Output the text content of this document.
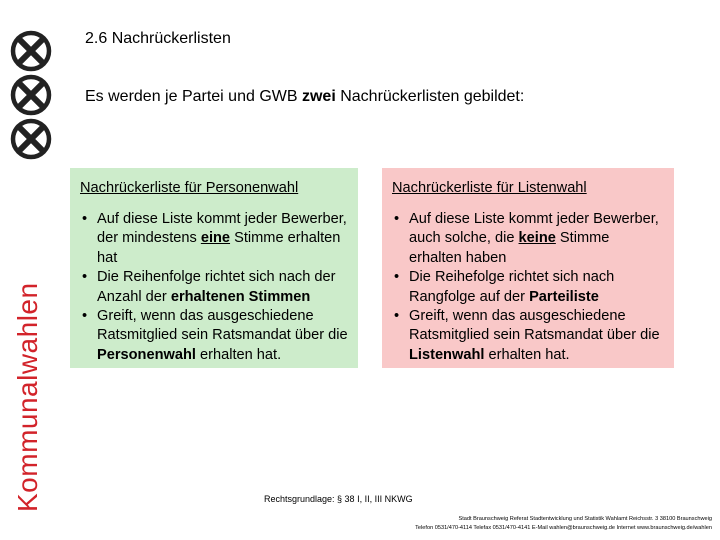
Kommunalwahlen
2.6 Nachrückerlisten
Es werden je Partei und GWB zwei Nachrückerlisten gebildet:
Nachrückerliste für Personenwahl
• Auf diese Liste kommt jeder Bewerber, der mindestens eine Stimme erhalten hat
• Die Reihenfolge richtet sich nach der Anzahl der erhaltenen Stimmen
• Greift, wenn das ausgeschiedene Ratsmitglied sein Ratsmandat über die Personenwahl erhalten hat.
Nachrückerliste für Listenwahl
• Auf diese Liste kommt jeder Bewerber, auch solche, die keine Stimme erhalten haben
• Die Reihefolge richtet sich nach Rangfolge auf der Parteiliste
• Greift, wenn das ausgeschiedene Ratsmitglied sein Ratsmandat über die Listenwahl erhalten hat.
Rechtsgrundlage: § 38 I, II, III NKWG
Stadt Braunschweig Referat Stadtentwicklung und Statistik Wahlamt Reichsstr. 3 38100 Braunschweig
Telefon 0531/470-4114 Telefax 0531/470-4141 E-Mail wahlen@braunschweig.de Internet www.braunschweig.de/wahlen
